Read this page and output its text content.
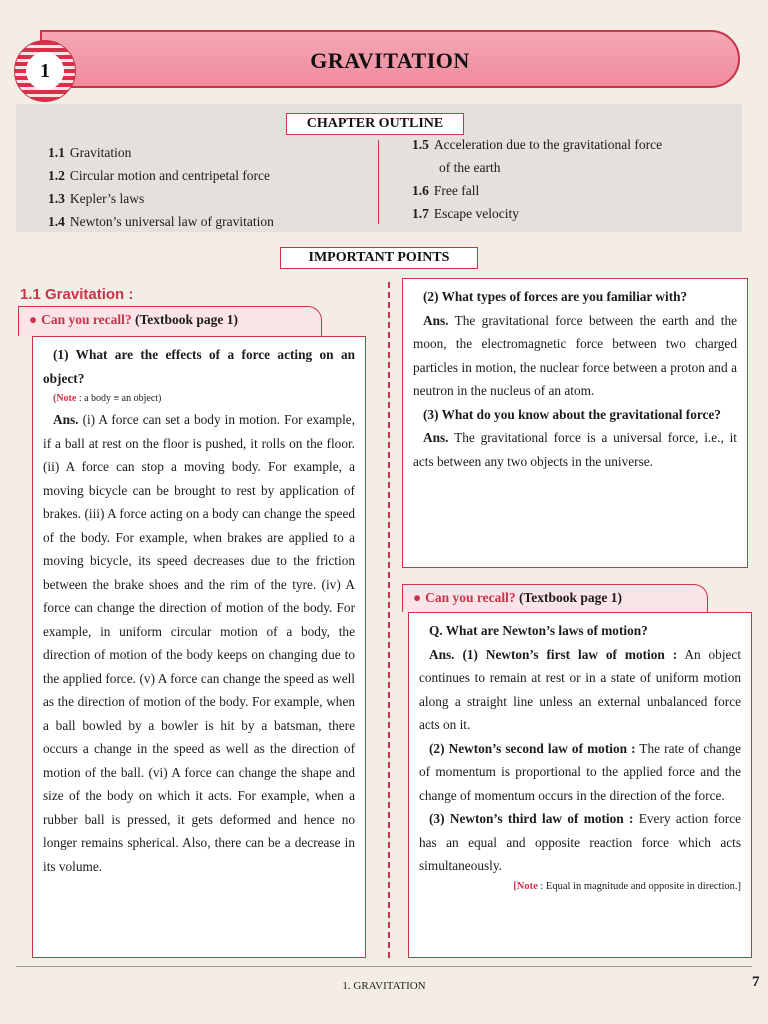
GRAVITATION
1
CHAPTER OUTLINE
1.1 Gravitation
1.2 Circular motion and centripetal force
1.3 Kepler’s laws
1.4 Newton’s universal law of gravitation
1.5 Acceleration due to the gravitational force
of the earth
1.6 Free fall
1.7 Escape velocity
IMPORTANT POINTS
1.1 Gravitation :
● Can you recall? (Textbook page 1)

(1) What are the effects of a force acting on an object?

(Note : a body ≡ an object)

Ans. (i) A force can set a body in motion. For example, if a ball at rest on the floor is pushed, it rolls on the floor. (ii) A force can stop a moving body. For example, a moving bicycle can be brought to rest by application of brakes. (iii) A force acting on a body can change the speed of the body. For example, when brakes are applied to a moving bicycle, its speed decreases due to the friction between the brake shoes and the rim of the tyre. (iv) A force can change the direction of motion of the body. For example, in uniform circular motion of a body, the direction of motion of the body keeps on changing due to the applied force. (v) A force can change the speed as well as the direction of motion of the body. For example, when a ball bowled by a bowler is hit by a batsman, there occurs a change in the speed as well as the direction of motion of the ball. (vi) A force can change the shape and size of the body on which it acts. For example, when a rubber ball is pressed, it gets deformed and hence no longer remains spherical. Also, there can be a decrease in its volume.

(2) What types of forces are you familiar with?

Ans. The gravitational force between the earth and the moon, the electromagnetic force between two charged particles in motion, the nuclear force between a proton and a neutron in the nucleus of an atom.

(3) What do you know about the gravitational force?

Ans. The gravitational force is a universal force, i.e., it acts between any two objects in the universe.

● Can you recall? (Textbook page 1)

Q. What are Newton’s laws of motion?

Ans. (1) Newton’s first law of motion : An object continues to remain at rest or in a state of uniform motion along a straight line unless an external unbalanced force acts on it.

(2) Newton’s second law of motion : The rate of change of momentum is proportional to the applied force and the change of momentum occurs in the direction of the force.

(3) Newton’s third law of motion : Every action force has an equal and opposite reaction force which acts simultaneously.

[Note : Equal in magnitude and opposite in direction.]

1. GRAVITATION	7
